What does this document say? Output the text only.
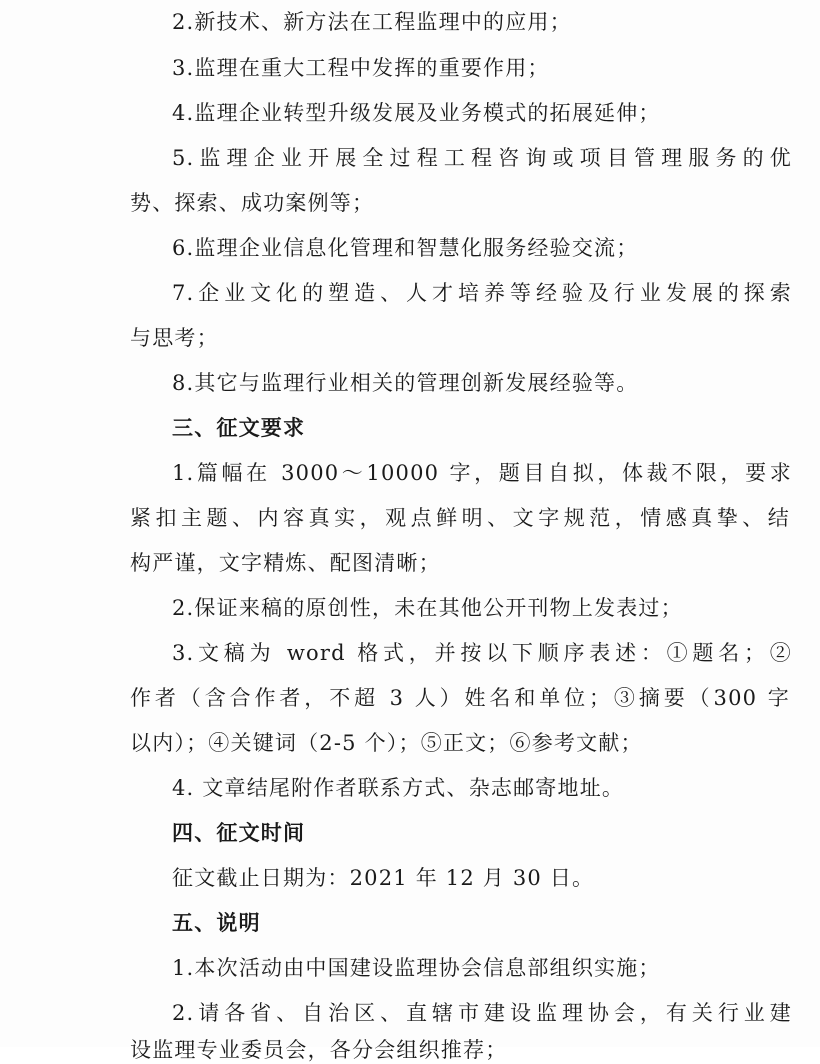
2.新技术、新方法在工程监理中的应用；
3.监理在重大工程中发挥的重要作用；
4.监理企业转型升级发展及业务模式的拓展延伸；
5.监理企业开展全过程工程咨询或项目管理服务的优
势、探索、成功案例等；
6.监理企业信息化管理和智慧化服务经验交流；
7.企业文化的塑造、人才培养等经验及行业发展的探索
与思考；
8.其它与监理行业相关的管理创新发展经验等。
三、征文要求
1.篇幅在 3000～10000 字，题目自拟，体裁不限，要求
紧扣主题、内容真实，观点鲜明、文字规范，情感真挚、结
构严谨，文字精炼、配图清晰；
2.保证来稿的原创性，未在其他公开刊物上发表过；
3.文稿为 word 格式，并按以下顺序表述：①题名；②
作者（含合作者，不超 3 人）姓名和单位；③摘要（300 字
以内）；④关键词（2-5 个）；⑤正文；⑥参考文献；
4. 文章结尾附作者联系方式、杂志邮寄地址。
四、征文时间
征文截止日期为：2021 年 12 月 30 日。
五、说明
1.本次活动由中国建设监理协会信息部组织实施；
2.请各省、自治区、直辖市建设监理协会，有关行业建
设监理专业委员会，各分会组织推荐；
